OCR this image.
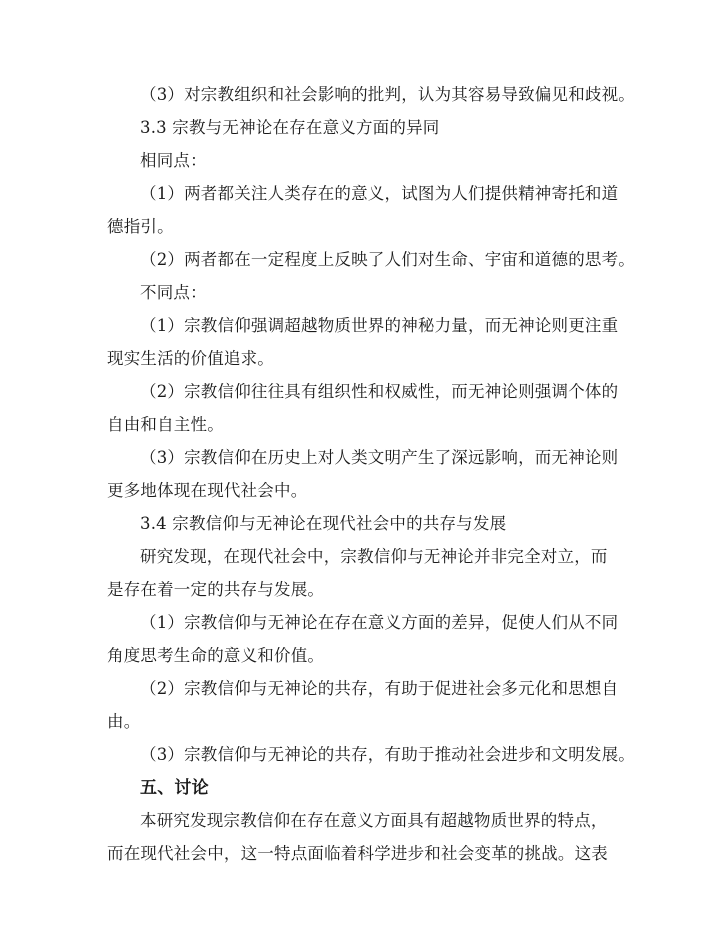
（3）对宗教组织和社会影响的批判，认为其容易导致偏见和歧视。
3.3 宗教与无神论在存在意义方面的异同
相同点：
（1）两者都关注人类存在的意义，试图为人们提供精神寄托和道
德指引。
（2）两者都在一定程度上反映了人们对生命、宇宙和道德的思考。
不同点：
（1）宗教信仰强调超越物质世界的神秘力量，而无神论则更注重
现实生活的价值追求。
（2）宗教信仰往往具有组织性和权威性，而无神论则强调个体的
自由和自主性。
（3）宗教信仰在历史上对人类文明产生了深远影响，而无神论则
更多地体现在现代社会中。
3.4 宗教信仰与无神论在现代社会中的共存与发展
研究发现，在现代社会中，宗教信仰与无神论并非完全对立，而
是存在着一定的共存与发展。
（1）宗教信仰与无神论在存在意义方面的差异，促使人们从不同
角度思考生命的意义和价值。
（2）宗教信仰与无神论的共存，有助于促进社会多元化和思想自
由。
（3）宗教信仰与无神论的共存，有助于推动社会进步和文明发展。
五、讨论
本研究发现宗教信仰在存在意义方面具有超越物质世界的特点，
而在现代社会中，这一特点面临着科学进步和社会变革的挑战。这表
